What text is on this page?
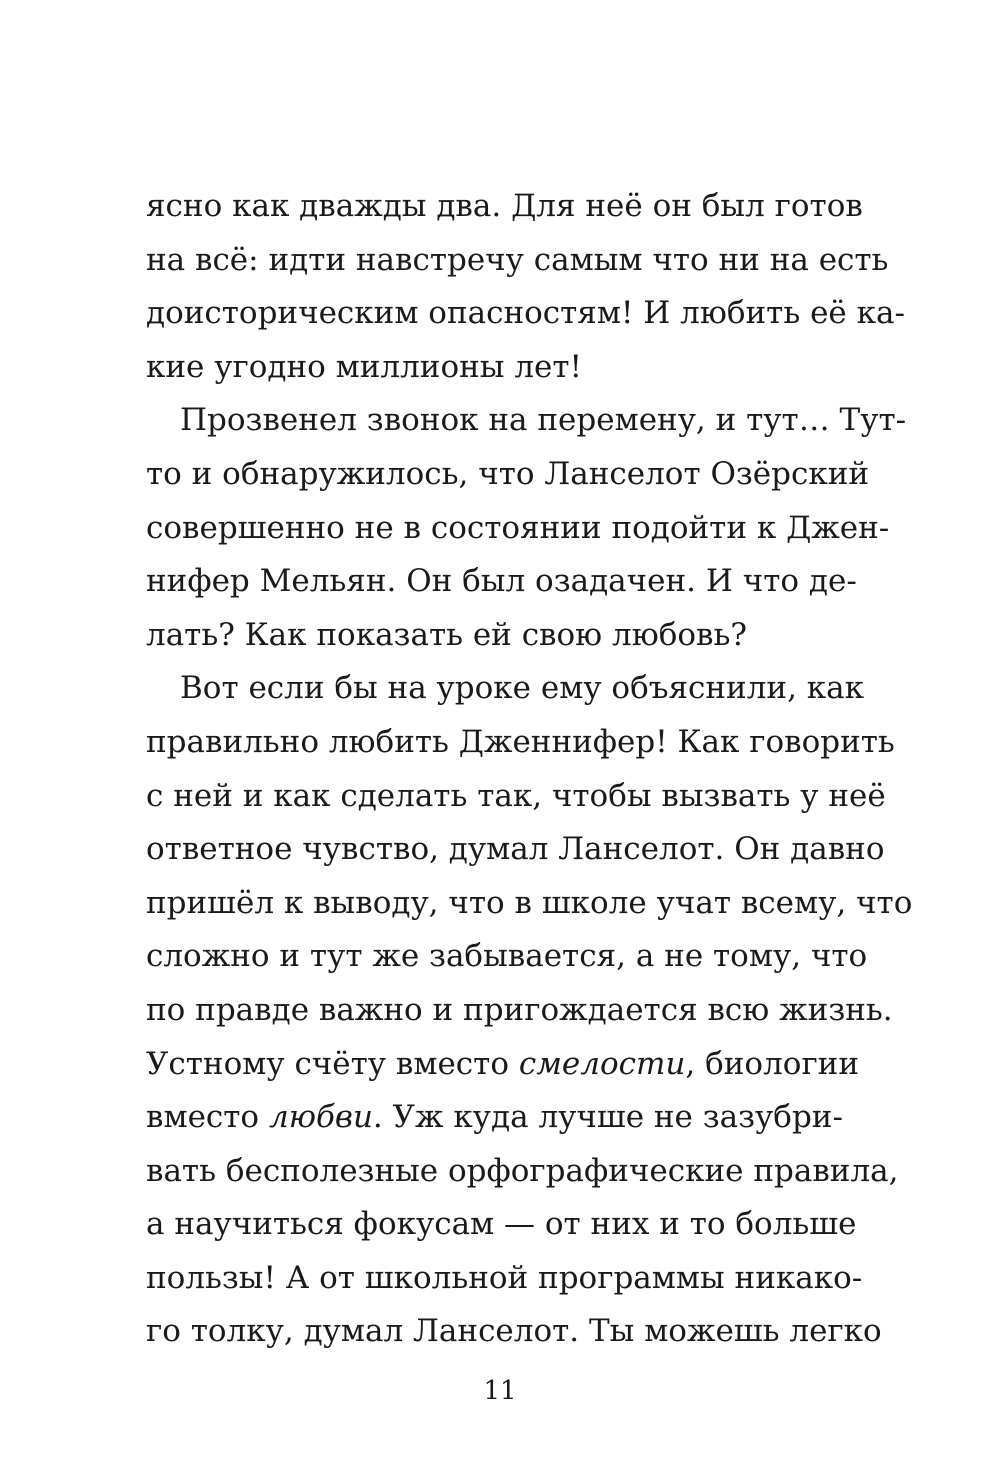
ясно как дважды два. Для неё он был готов
на всё: идти навстречу самым что ни на есть
доисторическим опасностям! И любить её ка-
кие угодно миллионы лет!
Прозвенел звонок на перемену, и тут… Тут-
то и обнаружилось, что Ланселот Озёрский
совершенно не в состоянии подойти к Джен-
нифер Мельян. Он был озадачен. И что де-
лать? Как показать ей свою любовь?
Вот если бы на уроке ему объяснили, как
правильно любить Дженнифер! Как говорить
с ней и как сделать так, чтобы вызвать у неё
ответное чувство, думал Ланселот. Он давно
пришёл к выводу, что в школе учат всему, что
сложно и тут же забывается, а не тому, что
по правде важно и пригождается всю жизнь.
Устному счёту вместо смелости, биологии
вместо любви. Уж куда лучше не зазубри-
вать бесполезные орфографические правила,
а научиться фокусам — от них и то больше
пользы! А от школьной программы никако-
го толку, думал Ланселот. Ты можешь легко
11
